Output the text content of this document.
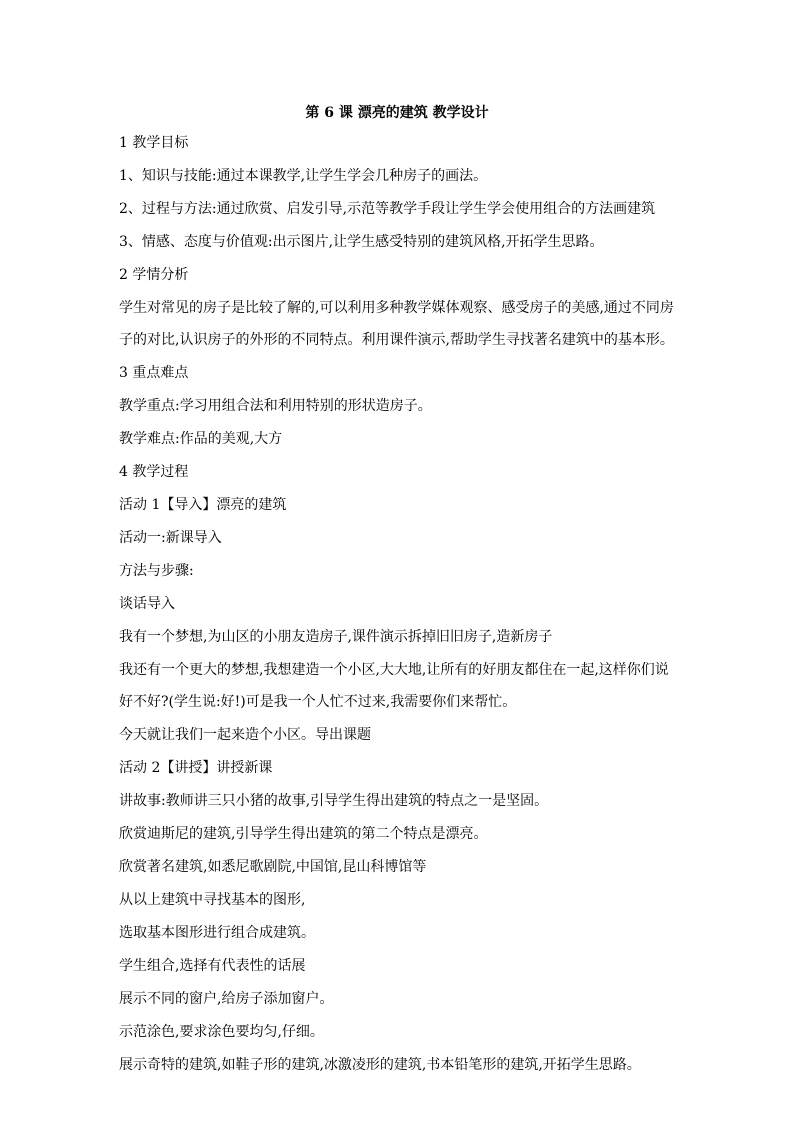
第 6 课 漂亮的建筑 教学设计
1 教学目标
1、知识与技能:通过本课教学,让学生学会几种房子的画法。
2、过程与方法:通过欣赏、启发引导,示范等教学手段让学生学会使用组合的方法画建筑
3、情感、态度与价值观:出示图片,让学生感受特别的建筑风格,开拓学生思路。
2 学情分析
学生对常见的房子是比较了解的,可以利用多种教学媒体观察、感受房子的美感,通过不同房子的对比,认识房子的外形的不同特点。利用课件演示,帮助学生寻找著名建筑中的基本形。
3 重点难点
教学重点:学习用组合法和利用特别的形状造房子。
教学难点:作品的美观,大方
4 教学过程
活动 1【导入】漂亮的建筑
活动一:新课导入
方法与步骤:
谈话导入
我有一个梦想,为山区的小朋友造房子,课件演示拆掉旧旧房子,造新房子
我还有一个更大的梦想,我想建造一个小区,大大地,让所有的好朋友都住在一起,这样你们说好不好?(学生说:好!)可是我一个人忙不过来,我需要你们来帮忙。
今天就让我们一起来造个小区。导出课题
活动 2【讲授】讲授新课
讲故事:教师讲三只小猪的故事,引导学生得出建筑的特点之一是坚固。
欣赏迪斯尼的建筑,引导学生得出建筑的第二个特点是漂亮。
欣赏著名建筑,如悉尼歌剧院,中国馆,昆山科博馆等
从以上建筑中寻找基本的图形,
选取基本图形进行组合成建筑。
学生组合,选择有代表性的话展
展示不同的窗户,给房子添加窗户。
示范涂色,要求涂色要均匀,仔细。
展示奇特的建筑,如鞋子形的建筑,冰激凌形的建筑,书本铅笔形的建筑,开拓学生思路。
